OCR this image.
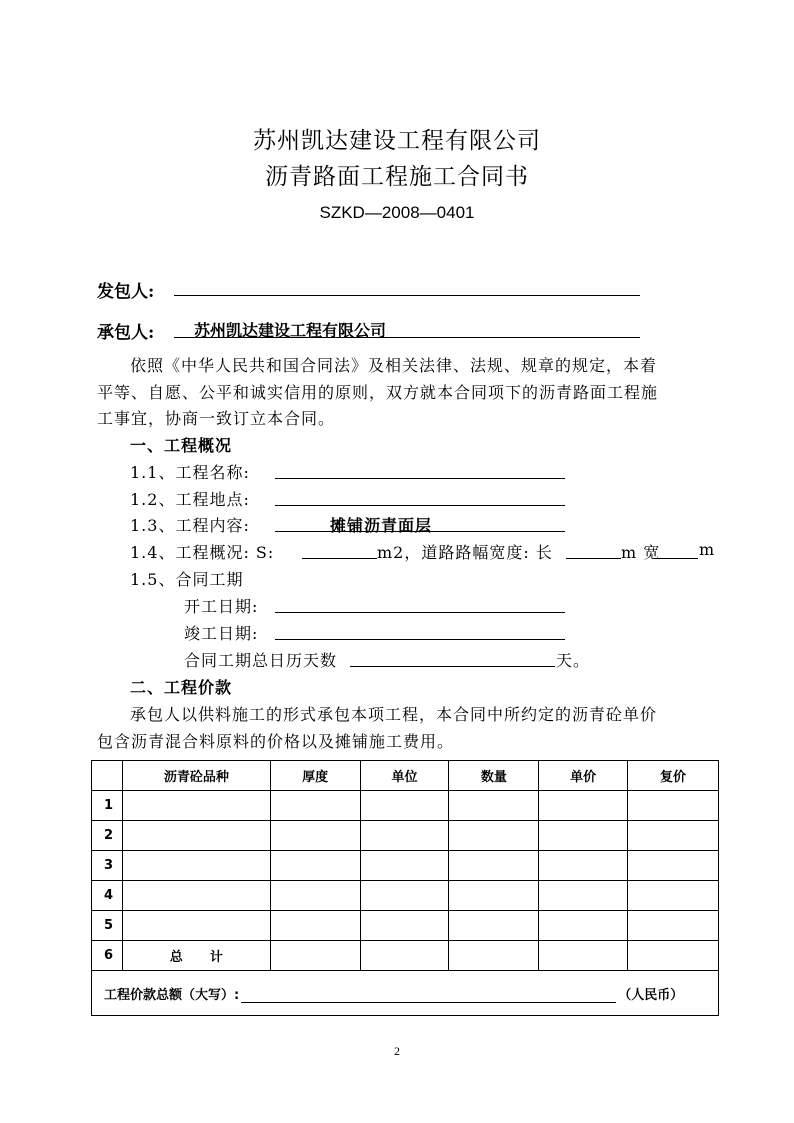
苏州凯达建设工程有限公司
沥青路面工程施工合同书
SZKD—2008—0401
发包人:
承包人: 苏州凯达建设工程有限公司
依照《中华人民共和国合同法》及相关法律、法规、规章的规定，本着
平等、自愿、公平和诚实信用的原则，双方就本合同项下的沥青路面工程施
工事宜，协商一致订立本合同。
一、工程概况
1.1、工程名称:
1.2、工程地点:
1.3、工程内容:	摊铺沥青面层
1.4、工程概况: S:	m2，道路路幅宽度: 长	m 宽 m
1.5、合同工期
开工日期:
竣工日期:
合同工期总日历天数	天。
二、工程价款
承包人以供料施工的形式承包本项工程，本合同中所约定的沥青砼单价
包含沥青混合料原料的价格以及摊铺施工费用。
	沥青砼品种	厚度	单位	数量	单价	复价
1						
2						
3						
4						
5						
6	总      计					
工程价款总额（大写）: （人民币）						
2
